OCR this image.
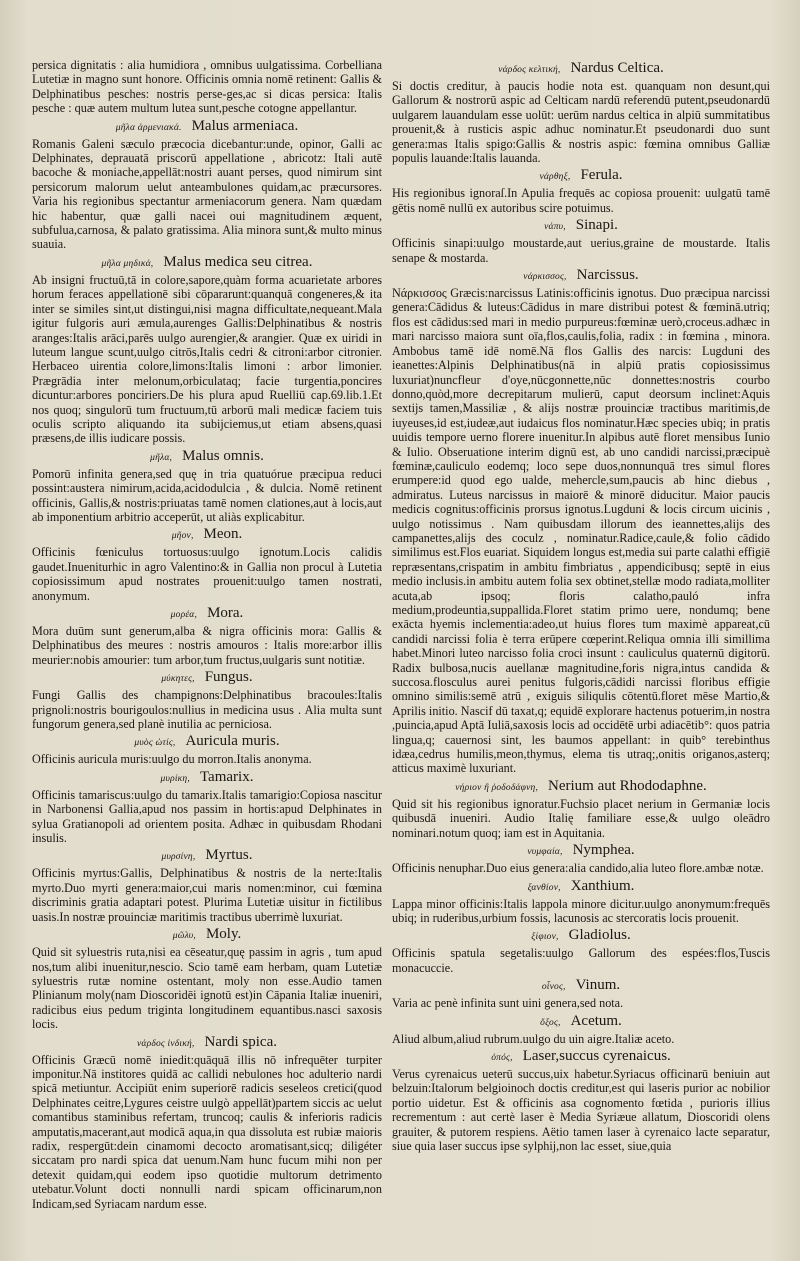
persica dignitatis : alia humidiora , omnibus uulgatissima. Corbelliana Lutetiæ in magno sunt honore. Officinis omnia nomē retinent: Gallis & Delphinatibus pesches: nostris perse-ges,ac si dicas persica: Italis pesche : quæ autem multum lutea sunt,pesche cotogne appellantur.
μῆλα ἀρμενιακά. Malus armeniaca.
Romanis Galeni sæculo præcocia dicebantur:unde, opinor, Galli ac Delphinates, deprauatā priscorū appellatione , abricotz: Itali autē bacoche & moniache,appellāt:nostri auant perses, quod nimirum sint persicorum malorum uelut anteambulones quidam,ac præcursores. Varia his regionibus spectantur armeniacorum genera. Nam quædam hic habentur, quæ galli nacei oui magnitudinem æquent, subfulua,carnosa, & palato gratissima. Alia minora sunt,& multo minus suauia.
μῆλα μηδικά, Malus medica seu citrea.
Ab insigni fructuū,tā in colore,sapore,quàm forma acuarietate arbores horum feraces appellationē sibi cōpararunt:quanquā congeneres,& ita inter se similes sint,ut distingui,nisi magna difficultate,nequeant.Mala igitur fulgoris auri æmula,aurenges Gallis:Delphinatibus & nostris aranges:Italis arāci,parēs uulgo aurengier,& arangier. Quæ ex uiridi in luteum langue scunt,uulgo citrōs,Italis cedri & citroni:arbor citronier. Herbaceo uirentia colore,limons:Italis limoni : arbor limonier. Prægrādia inter melonum,orbiculataq; facie turgentia,poncires dicuntur:arbores ponciriers.De his plura apud Ruelliū cap.69.lib.1.Et nos quoq; singulorū tum fructuum,tū arborū mali medicæ faciem tuis oculis scripto aliquando ita subijciemus,ut etiam absens,quasi præsens,de illis iudicare possis.
μῆλα, Malus omnis.
Pomorū infinita genera,sed quę in tria quatuórue præcipua reduci possint:austera nimirum,acida,acidodulcia , & dulcia. Nomē retinent officinis, Gallis,& nostris:priuatas tamē nomen clationes,aut à locis,aut ab imponentium arbitrio acceperūt, ut aliàs explicabitur.
μῆον, Meon.
Officinis fœniculus tortuosus:uulgo ignotum.Locis calidis gaudet.Inueniturhic in agro Valentino:& in Gallia non procul à Lutetia copiosissimum apud nostrates prouenit:uulgo tamen nostrati, anonymum.
μορέα, Mora.
Mora duūm sunt generum,alba & nigra officinis mora: Gallis & Delphinatibus des meures : nostris amouros : Italis more:arbor illis meurier:nobis amourier: tum arbor,tum fructus,uulgaris sunt notitiæ.
μύκητες, Fungus.
Fungi Gallis des champignons:Delphinatibus bracoules:Italis prignoli:nostris bourigoulos:nullius in medicina usus . Alia multa sunt fungorum genera,sed planè inutilia ac perniciosa.
μυὸς ὠτίς, Auricula muris.
Officinis auricula muris:uulgo du morron.Italis anonyma.
μυρίκη, Tamarix.
Officinis tamariscus:uulgo du tamarix.Italis tamarigio:Copiosa nascitur in Narbonensi Gallia,apud nos passim in hortis:apud Delphinates in sylua Gratianopoli ad orientem posita. Adhæc in quibusdam Rhodani insulis.
μυρσίνη, Myrtus.
Officinis myrtus:Gallis, Delphinatibus & nostris de la nerte:Italis myrto.Duo myrti genera:maior,cui maris nomen:minor, cui fœmina discriminis gratia adaptari potest. Plurima Lutetiæ uisitur in fictilibus uasis.In nostræ prouinciæ maritimis tractibus uberrimè luxuriat.
μῶλυ, Moly.
Quid sit syluestris ruta,nisi ea cēseatur,quę passim in agris , tum apud nos,tum alibi inuenitur,nescio. Scio tamē eam herbam, quam Lutetiæ syluestris rutæ nomine ostentant, moly non esse.Audio tamen Plinianum moly(nam Dioscoridēi ignotū est)in Cāpania Italiæ inueniri, radicibus eius pedum triginta longitudinem equantibus.nasci saxosis locis.
νάρδος ἰνδική, Nardi spica.
Officinis Græcū nomē iniedit:quāquā illis nō infrequēter turpiter imponitur.Nā institores quidā ac callidi nebulones hoc adulterio nardi spicā metiuntur. Accipiūt enim superiorē radicis seseleos cretici(quod Delphinates ceitre,Lygures ceistre uulgò appellāt)partem siccis ac uelut comantibus staminibus refertam, truncoq; caulis & inferioris radicis amputatis,macerant,aut modicā aqua,in qua dissoluta est rubiæ maioris radix, respergūt:dein cinamomi decocto aromatisant,sicq; diligéter siccatam pro nardi spica dat uenum.Nam hunc fucum mihi non per detexit quidam,qui eodem ipso quotidie multorum detrimento utebatur.Volunt docti nonnulli nardi spicam officinarum,non Indicam,sed Syriacam nardum esse.
νάρδος κελτική, Nardus Celtica.
Si doctis creditur, à paucis hodie nota est. quanquam non desunt,qui Gallorum & nostrorū aspic ad Celticam nardū referendū putent,pseudonardū uulgarem lauandulam esse uolūt: uerūm nardus celtica in alpiū summitatibus prouenit,& à rusticis aspic adhuc nominatur.Et pseudonardi duo sunt genera:mas Italis spigo:Gallis & nostris aspic: fœmina omnibus Galliæ populis lauande:Italis lauanda.
νάρθηξ, Ferula.
His regionibus ignoraſ.In Apulia frequēs ac copiosa prouenit: uulgatū tamē gētis nomē nullū ex autoribus scire potuimus.
νάπυ, Sinapi.
Officinis sinapi:uulgo moustarde,aut uerius,graine de moustarde. Italis senape & mostarda.
νάρκισσος, Narcissus.
Νάρκισσος Græcis:narcissus Latinis:officinis ignotus. Duo præcipua narcissi genera:Cādidus & luteus:Cādidus in mare distribui potest & fœminā.utriq; flos est cādidus:sed mari in medio purpureus:fœminæ uerò,croceus.adhæc in mari narcisso maiora sunt oīa,flos,caulis,folia, radix : in fœmina , minora. Ambobus tamē idē nomē.Nā flos Gallis des narcis: Lugduni des ieanettes:Alpinis Delphinatibus(nā in alpiū pratis copiosissimus luxuriat)nuncfleur d'oye,nūcgonnette,nūc donnettes:nostris courbo donno,quòd,more decrepitarum mulierū, caput deorsum inclinet:Aquis sextijs tamen,Massiliæ , & alijs nostræ prouinciæ tractibus maritimis,de iuyeuses,id est,iudeæ,aut iudaicus flos nominatur.Hæc species ubiq; in pratis uuidis tempore uerno florere inuenitur.In alpibus autē floret mensibus Iunio & Iulio. Obseruatione interim dignū est, ab uno candidi narcissi,præcipuè fœminæ,cauliculo eodemq; loco sepe duos,nonnunquā tres simul flores erumpere:id quod ego ualde, mehercle,sum,paucis ab hinc diebus , admiratus. Luteus narcissus in maiorē & minorē diducitur. Maior paucis medicis cognitus:officinis prorsus ignotus.Lugduni & locis circum uicinis , uulgo notissimus . Nam quibusdam illorum des ieannettes,alijs des campanettes,alijs des coculz , nominatur.Radice,caule,& folio cādido similimus est.Flos euariat. Siquidem longus est,media sui parte calathi effigiē repræsentans,crispatim in ambitu fimbriatus , appendicibusq; septē in eius medio inclusis.in ambitu autem folia sex obtinet,stellæ modo radiata,molliter acuta,ab ipsoq; floris calatho,pauló infra medium,prodeuntia,suppallida.Floret statim primo uere, nondumq; bene exācta hyemis inclementia:adeo,ut huius flores tum maximè appareat,cū candidi narcissi folia è terra erūpere cœperint.Reliqua omnia illi simillima habet.Minori luteo narcisso folia croci insunt : cauliculus quaternū digitorū. Radix bulbosa,nucis auellanæ magnitudine,foris nigra,intus candida & succosa.flosculus aurei penitus fulgoris,cādidi narcissi floribus effigie omnino similis:semē atrū , exiguis siliqulis cōtentū.floret mēse Martio,& Aprilis initio. Nascif dū taxat,q; equidē explorare hactenus potuerim,in nostra ,puincia,apud Aptā Iuliā,saxosis locis ad occidētē urbi adiacētib°: quos patria lingua,q; cauernosi sint, les baumos appellant: in quib° terebinthus idæa,cedrus humilis,meon,thymus, elema tis utraq;,onitis origanos,asterq; atticus maximè luxuriant.
νήριον ἢ ῥοδοδάφνη, Nerium aut Rhododaphne.
Quid sit his regionibus ignoratur.Fuchsio placet nerium in Germaniæ locis quibusdā inueniri. Audio Italię familiare esse,& uulgo oleādro nominari.notum quoq; iam est in Aquitania.
νυμφαία, Nymphea.
Officinis nenuphar.Duo eius genera:alia candido,alia luteo flore.ambæ notæ.
ξανθίον, Xanthium.
Lappa minor officinis:Italis lappola minore dicitur.uulgo anonymum:frequēs ubiq; in ruderibus,urbium fossis, lacunosis ac stercoratis locis prouenit.
ξίφιον, Gladiolus.
Officinis spatula segetalis:uulgo Gallorum des espées:flos,Tuscis monacuccie.
οἶνος, Vinum.
Varia ac penè infinita sunt uini genera,sed nota.
ὄξος, Acetum.
Aliud album,aliud rubrum.uulgo du uin aigre.Italiæ aceto.
ὀπός, Laser,succus cyrenaicus.
Verus cyrenaicus ueterū succus,uix habetur.Syriacus officinarū beniuin aut belzuin:Italorum belgioinoch doctis creditur,est qui laseris purior ac nobilior portio uidetur. Est & officinis asa cognomento fœtida , purioris illius recrementum : aut certè laser è Media Syriæue allatum, Dioscoridi olens grauiter, & putorem respiens. Aëtio tamen laser à cyrenaico lacte separatur, siue quia laser succus ipse sylphij,non lac esset, siue,quia
